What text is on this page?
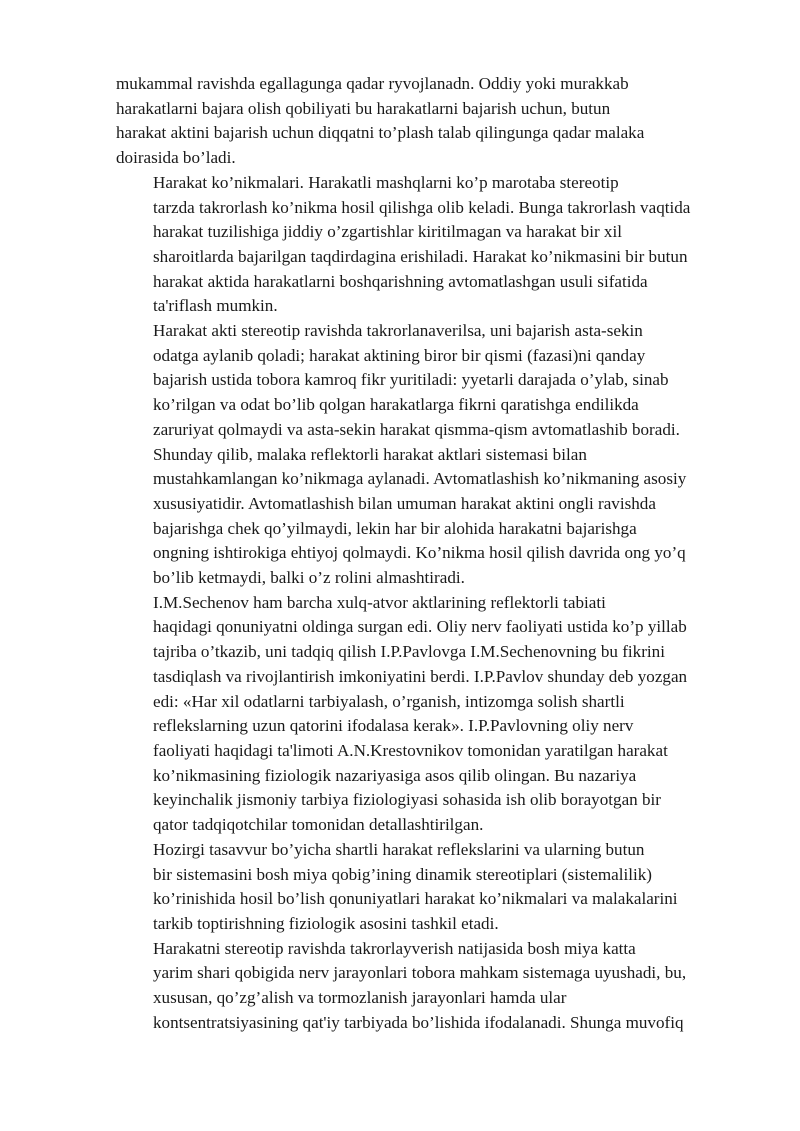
mukammal ravishda egallagunga qadar ryvojlanadn. Oddiy yoki murakkab
harakatlarni bajara olish qobiliyati bu harakatlarni bajarish uchun, butun
harakat aktini bajarish uchun diqqatni to’plash talab qilingunga qadar malaka
doirasida bo’ladi.

Harakat ko’nikmalari. Harakatli mashqlarni ko’p marotaba stereotip
tarzda takrorlash ko’nikma hosil qilishga olib keladi. Bunga takrorlash vaqtida
harakat tuzilishiga jiddiy o’zgartishlar kiritilmagan va harakat bir xil
sharoitlarda bajarilgan taqdirdagina erishiladi. Harakat ko’nikmasini bir butun
harakat aktida harakatlarni boshqarishning avtomatlashgan usuli sifatida
ta'riflash mumkin.

Harakat akti stereotip ravishda takrorlanaverilsa, uni bajarish asta-sekin
odatga aylanib qoladi; harakat aktining biror bir qismi (fazasi)ni qanday
bajarish ustida tobora kamroq fikr yuritiladi: yyetarli darajada o’ylab, sinab
ko’rilgan va odat bo’lib qolgan harakatlarga fikrni qaratishga endilikda
zaruriyat qolmaydi va asta-sekin harakat qismma-qism avtomatlashib boradi.
Shunday qilib, malaka reflektorli harakat aktlari sistemasi bilan
mustahkamlangan ko’nikmaga aylanadi. Avtomatlashish ko’nikmaning asosiy
xususiyatidir. Avtomatlashish bilan umuman harakat aktini ongli ravishda
bajarishga chek qo’yilmaydi, lekin har bir alohida harakatni bajarishga
ongning ishtirokiga ehtiyoj qolmaydi. Ko’nikma hosil qilish davrida ong yo’q
bo’lib ketmaydi, balki o’z rolini almashtiradi.

I.M.Sechenov ham barcha xulq-atvor aktlarining reflektorli tabiati
haqidagi qonuniyatni oldinga surgan edi. Oliy nerv faoliyati ustida ko’p yillab
tajriba o’tkazib, uni tadqiq qilish I.P.Pavlovga I.M.Sechenovning bu fikrini
tasdiqlash va rivojlantirish imkoniyatini berdi. I.P.Pavlov shunday deb yozgan
edi: «Har xil odatlarni tarbiyalash, o’rganish, intizomga solish shartli
reflekslarning uzun qatorini ifodalasa kerak». I.P.Pavlovning oliy nerv
faoliyati haqidagi ta'limoti A.N.Krestovnikov tomonidan yaratilgan harakat
ko’nikmasining fiziologik nazariyasiga asos qilib olingan. Bu nazariya
keyinchalik jismoniy tarbiya fiziologiyasi sohasida ish olib borayotgan bir
qator tadqiqotchilar tomonidan detallashtirilgan.

Hozirgi tasavvur bo’yicha shartli harakat reflekslarini va ularning butun
bir sistemasini bosh miya qobig’ining dinamik stereotiplari (sistemalilik)
ko’rinishida hosil bo’lish qonuniyatlari harakat ko’nikmalari va malakalarini
tarkib toptirishning fiziologik asosini tashkil etadi.

Harakatni stereotip ravishda takrorlayverish natijasida bosh miya katta
yarim shari qobigida nerv jarayonlari tobora mahkam sistemaga uyushadi, bu,
xususan, qo’zg’alish va tormozlanish jarayonlari hamda ular
kontsentratsiyasining qat'iy tarbiyada bo’lishida ifodalanadi. Shunga muvofiq
